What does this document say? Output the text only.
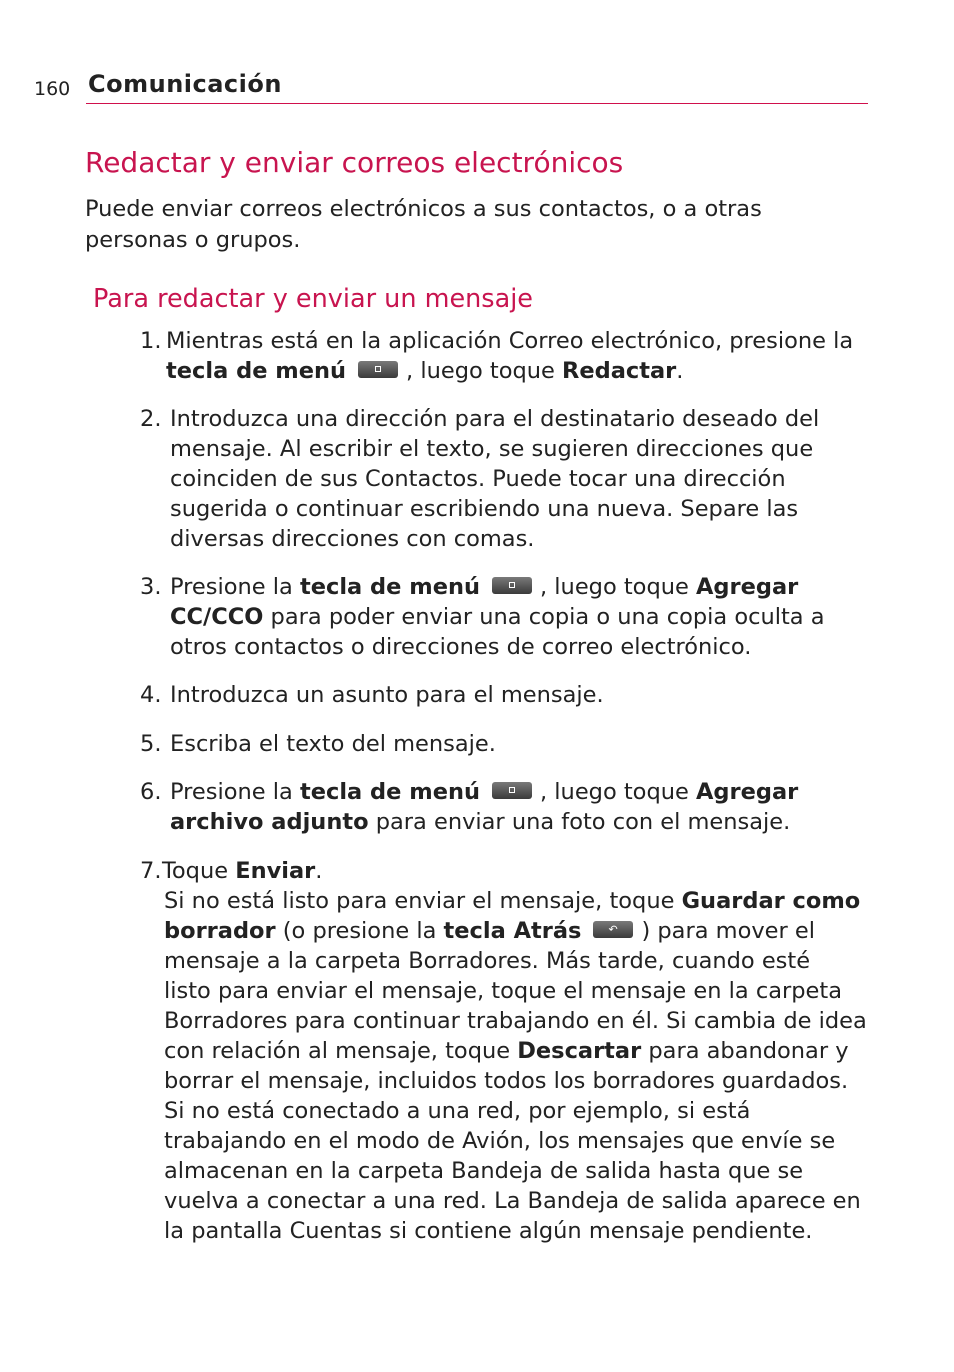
160 Comunicación
Redactar y enviar correos electrónicos
Puede enviar correos electrónicos a sus contactos, o a otras
personas o grupos.
Para redactar y enviar un mensaje
1. Mientras está en la aplicación Correo electrónico, presione la
tecla de menú	, luego toque Redactar.
2. Introduzca una dirección para el destinatario deseado del
mensaje. Al escribir el texto, se sugieren direcciones que
coinciden de sus Contactos. Puede tocar una dirección
sugerida o continuar escribiendo una nueva. Separe las
diversas direcciones con comas.
3. Presione la tecla de menú	, luego toque Agregar
CC/CCO para poder enviar una copia o una copia oculta a
otros contactos o direcciones de correo electrónico.
4. Introduzca un asunto para el mensaje.
5. Escriba el texto del mensaje.
6. Presione la tecla de menú	, luego toque Agregar
archivo adjunto para enviar una foto con el mensaje.
7. Toque Enviar.
Si no está listo para enviar el mensaje, toque Guardar como
borrador (o presione la tecla Atrás↶	) para mover el
mensaje a la carpeta Borradores. Más tarde, cuando esté
listo para enviar el mensaje, toque el mensaje en la carpeta
Borradores para continuar trabajando en él. Si cambia de idea
con relación al mensaje, toque Descartar para abandonar y
borrar el mensaje, incluidos todos los borradores guardados.
Si no está conectado a una red, por ejemplo, si está
trabajando en el modo de Avión, los mensajes que envíe se
almacenan en la carpeta Bandeja de salida hasta que se
vuelva a conectar a una red. La Bandeja de salida aparece en
la pantalla Cuentas si contiene algún mensaje pendiente.
